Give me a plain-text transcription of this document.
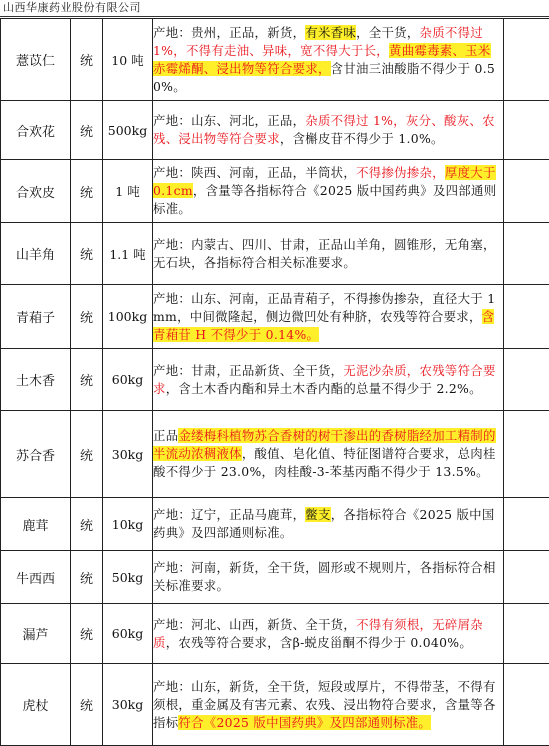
山西华康药业股份有限公司
薏苡仁	统	10 吨	产地：贵州，正品，新货，有米香味，全干货，杂质不得过 1%，不得有走油、异味，宽不得大于长，黄曲霉毒素、玉米赤霉烯酮、浸出物等符合要求，含甘油三油酸脂不得少于 0.50%。	
合欢花	统	500kg	产地：山东、河北，正品，杂质不得过 1%，灰分、酸灰、农残、浸出物等符合要求，含槲皮苷不得少于 1.0%。	
合欢皮	统	1 吨	产地：陕西、河南，正品，半筒状，不得掺伪掺杂，厚度大于 0.1cm，含量等各指标符合《2025 版中国药典》及四部通则标准。	
山羊角	统	1.1 吨	产地：内蒙古、四川、甘肃，正品山羊角，圆锥形，无角塞，无石块，各指标符合相关标准要求。	
青葙子	统	100kg	产地：山东、河南，正品青葙子，不得掺伪掺杂，直径大于 1mm，中间微隆起，侧边微凹处有种脐，农残等符合要求，含青葙苷 H 不得少于 0.14%。	
土木香	统	60kg	产地：甘肃，正品新货、全干货，无泥沙杂质，农残等符合要求，含土木香内酯和异土木香内酯的总量不得少于 2.2%。	
苏合香	统	30kg	正品金缕梅科植物苏合香树的树干渗出的香树脂经加工精制的半流动浓稠液体，酸值、皂化值、特征图谱符合要求，总肉桂酸不得少于 23.0%，肉桂酸-3-苯基丙酯不得少于 13.5%。	
鹿茸	统	10kg	产地：辽宁，正品马鹿茸，鳖支，各指标符合《2025 版中国药典》及四部通则标准。	
牛西西	统	50kg	产地：河南，新货，全干货，圆形或不规则片，各指标符合相关标准要求。	
漏芦	统	60kg	产地：河北、山西，新货、全干货，不得有须根，无碎屑杂质，农残等符合要求，含β-蜕皮甾酮不得少于 0.040%。	
虎杖	统	30kg	产地：山东，新货，全干货，短段或厚片，不得带茎，不得有须根，重金属及有害元素、农残、浸出物符合要求，含量等各指标符合《2025 版中国药典》及四部通则标准。	
